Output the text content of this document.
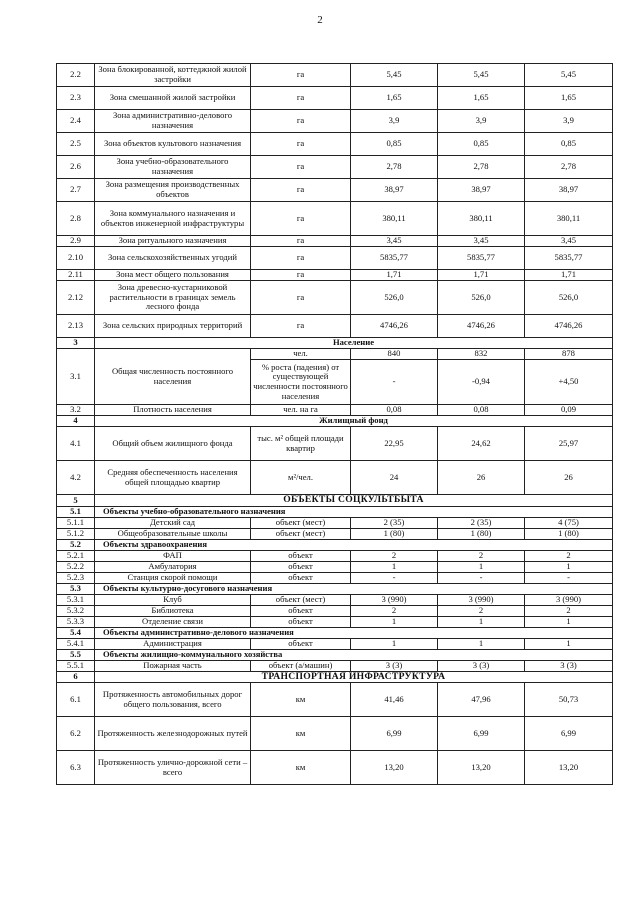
2
2.2	Зона блокированной, коттеджной жилой застройки	га	5,45	5,45	5,45
2.3	Зона смешанной жилой застройки	га	1,65	1,65	1,65
2.4	Зона административно-делового назначения	га	3,9	3,9	3,9
2.5	Зона объектов культового назначения	га	0,85	0,85	0,85
2.6	Зона учебно-образовательного назначения	га	2,78	2,78	2,78
2.7	Зона размещения производственных объектов	га	38,97	38,97	38,97
2.8	Зона коммунального назначения и объектов инженерной инфраструктуры	га	380,11	380,11	380,11
2.9	Зона ритуального назначения	га	3,45	3,45	3,45
2.10	Зона сельскохозяйственных угодий	га	5835,77	5835,77	5835,77
2.11	Зона мест общего пользования	га	1,71	1,71	1,71
2.12	Зона древесно-кустарниковой растительности в границах земель лесного фонда	га	526,0	526,0	526,0
2.13	Зона сельских природных территорий	га	4746,26	4746,26	4746,26
3	Население				
3.1	Общая численность постоянного населения	чел.	840	832	878
		% роста (падения) от существующей численности постоянного населения	-	-0,94	+4,50
3.2	Плотность населения	чел. на га	0,08	0,08	0,09
4	Жилищный фонд				
4.1	Общий объем жилищного фонда	тыс. м² общей площади квартир	22,95	24,62	25,97
4.2	Средняя обеспеченность населения общей площадью квартир	м²/чел.	24	26	26
5	ОБЪЕКТЫ СОЦКУЛЬТБЫТА				
5.1	Объекты учебно-образовательного назначения				
5.1.1	Детский сад	объект (мест)	2 (35)	2 (35)	4 (75)
5.1.2	Общеобразовательные школы	объект (мест)	1 (80)	1 (80)	1 (80)
5.2	Объекты здравоохранения				
5.2.1	ФАП	объект	2	2	2
5.2.2	Амбулатория	объект	1	1	1
5.2.3	Станция скорой помощи	объект	-	-	-
5.3	Объекты культурно-досугового назначения				
5.3.1	Клуб	объект (мест)	3 (990)	3 (990)	3 (990)
5.3.2	Библиотека	объект	2	2	2
5.3.3	Отделение связи	объект	1	1	1
5.4	Объекты административно-делового назначения				
5.4.1	Администрация	объект	1	1	1
5.5	Объекты жилищно-коммунального хозяйства				
5.5.1	Пожарная часть	объект (а/машин)	3 (3)	3 (3)	3 (3)
6	ТРАНСПОРТНАЯ ИНФРАСТРУКТУРА				
6.1	Протяженность автомобильных дорог общего пользования, всего	км	41,46	47,96	50,73
6.2	Протяженность железнодорожных путей	км	6,99	6,99	6,99
6.3	Протяженность улично-дорожной сети – всего	км	13,20	13,20	13,20
